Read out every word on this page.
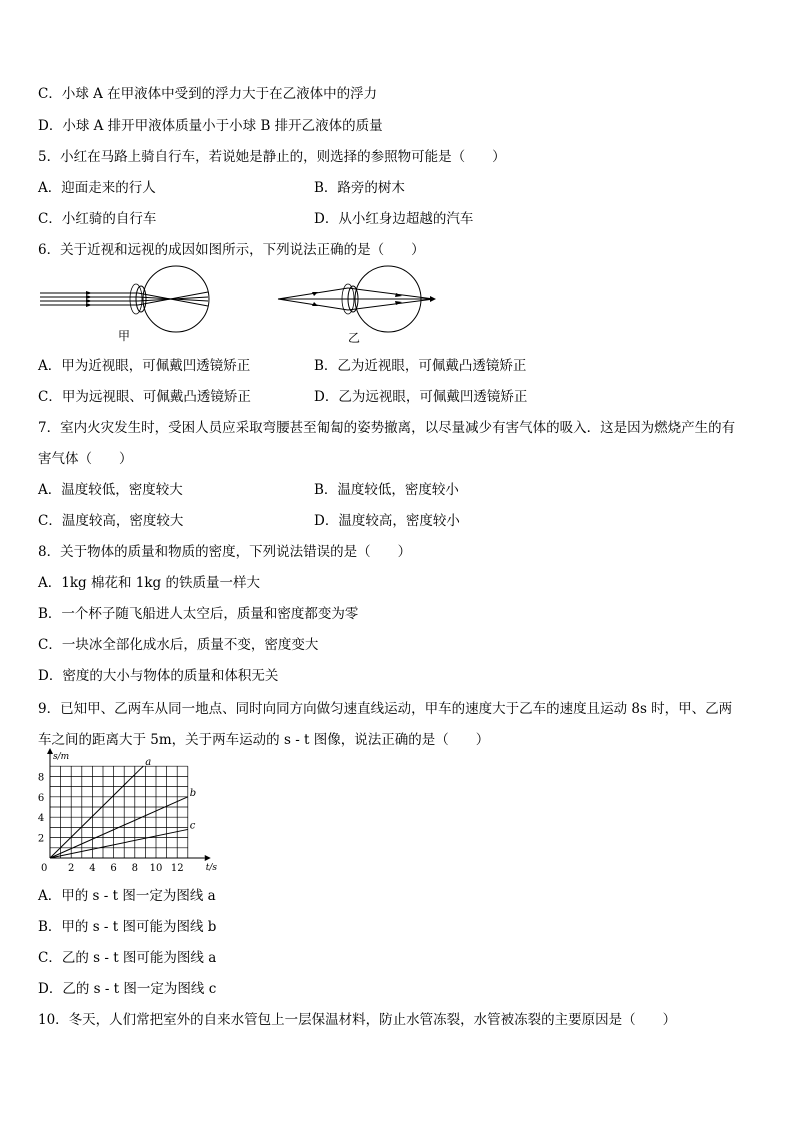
C．小球 A 在甲液体中受到的浮力大于在乙液体中的浮力
D．小球 A 排开甲液体质量小于小球 B 排开乙液体的质量
5．小红在马路上骑自行车，若说她是静止的，则选择的参照物可能是（　　）
A．迎面走来的行人	B．路旁的树木
C．小红骑的自行车	D．从小红身边超越的汽车
6．关于近视和远视的成因如图所示，下列说法正确的是（　　）
甲	乙
A．甲为近视眼，可佩戴凹透镜矫正	B．乙为近视眼，可佩戴凸透镜矫正
C．甲为远视眼、可佩戴凸透镜矫正	D．乙为远视眼，可佩戴凹透镜矫正
7．室内火灾发生时，受困人员应采取弯腰甚至匍匐的姿势撤离，以尽量减少有害气体的吸入．这是因为燃烧产生的有
害气体（　　）
A．温度较低，密度较大	B．温度较低，密度较小
C．温度较高，密度较大	D．温度较高，密度较小
8．关于物体的质量和物质的密度，下列说法错误的是（　　）
A．1kg 棉花和 1kg 的铁质量一样大
B．一个杯子随飞船进人太空后，质量和密度都变为零
C．一块冰全部化成水后，质量不变，密度变大
D．密度的大小与物体的质量和体积无关
9．已知甲、乙两车从同一地点、同时向同方向做匀速直线运动，甲车的速度大于乙车的速度且运动 8s 时，甲、乙两
车之间的距离大于 5m，关于两车运动的 s - t 图像，说法正确的是（　　）
0 2 4 6 8 10 12
2
4
6
8
t/s
s/m
a
b
c
A．甲的 s - t 图一定为图线 a
B．甲的 s - t 图可能为图线 b
C．乙的 s - t 图可能为图线 a
D．乙的 s - t 图一定为图线 c
10．冬天，人们常把室外的自来水管包上一层保温材料，防止水管冻裂，水管被冻裂的主要原因是（　　）
